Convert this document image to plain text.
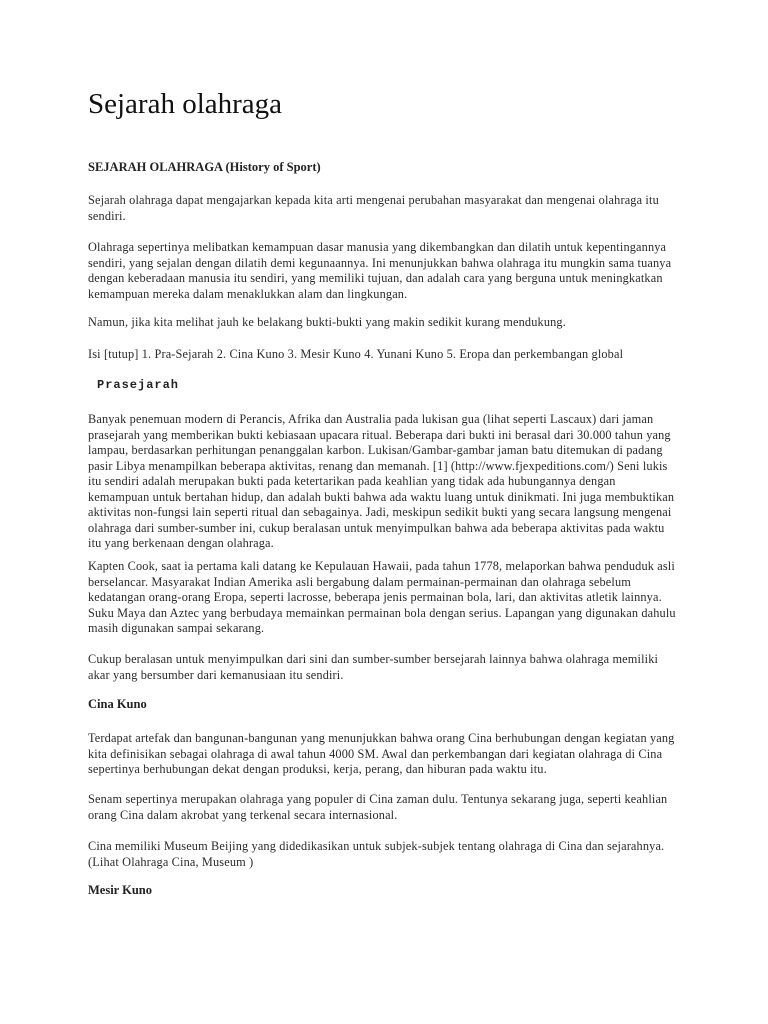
Sejarah olahraga
SEJARAH OLAHRAGA (History of Sport)
Sejarah olahraga dapat mengajarkan kepada kita arti mengenai perubahan masyarakat dan mengenai olahraga itu
sendiri.
Olahraga sepertinya melibatkan kemampuan dasar manusia yang dikembangkan dan dilatih untuk kepentingannya
sendiri, yang sejalan dengan dilatih demi kegunaannya. Ini menunjukkan bahwa olahraga itu mungkin sama tuanya
dengan keberadaan manusia itu sendiri, yang memiliki tujuan, dan adalah cara yang berguna untuk meningkatkan
kemampuan mereka dalam menaklukkan alam dan lingkungan.
Namun, jika kita melihat jauh ke belakang bukti-bukti yang makin sedikit kurang mendukung.
Isi [tutup] 1. Pra-Sejarah 2. Cina Kuno 3. Mesir Kuno 4. Yunani Kuno 5. Eropa dan perkembangan global
Prasejarah
Banyak penemuan modern di Perancis, Afrika dan Australia pada lukisan gua (lihat seperti Lascaux) dari jaman
prasejarah yang memberikan bukti kebiasaan upacara ritual. Beberapa dari bukti ini berasal dari 30.000 tahun yang
lampau, berdasarkan perhitungan penanggalan karbon. Lukisan/Gambar-gambar jaman batu ditemukan di padang
pasir Libya menampilkan beberapa aktivitas, renang dan memanah. [1] (http://www.fjexpeditions.com/) Seni lukis
itu sendiri adalah merupakan bukti pada ketertarikan pada keahlian yang tidak ada hubungannya dengan
kemampuan untuk bertahan hidup, dan adalah bukti bahwa ada waktu luang untuk dinikmati. Ini juga membuktikan
aktivitas non-fungsi lain seperti ritual dan sebagainya. Jadi, meskipun sedikit bukti yang secara langsung mengenai
olahraga dari sumber-sumber ini, cukup beralasan untuk menyimpulkan bahwa ada beberapa aktivitas pada waktu
itu yang berkenaan dengan olahraga.
Kapten Cook, saat ia pertama kali datang ke Kepulauan Hawaii, pada tahun 1778, melaporkan bahwa penduduk asli
berselancar. Masyarakat Indian Amerika asli bergabung dalam permainan-permainan dan olahraga sebelum
kedatangan orang-orang Eropa, seperti lacrosse, beberapa jenis permainan bola, lari, dan aktivitas atletik lainnya.
Suku Maya dan Aztec yang berbudaya memainkan permainan bola dengan serius. Lapangan yang digunakan dahulu
masih digunakan sampai sekarang.
Cukup beralasan untuk menyimpulkan dari sini dan sumber-sumber bersejarah lainnya bahwa olahraga memiliki
akar yang bersumber dari kemanusiaan itu sendiri.
Cina Kuno
Terdapat artefak dan bangunan-bangunan yang menunjukkan bahwa orang Cina berhubungan dengan kegiatan yang
kita definisikan sebagai olahraga di awal tahun 4000 SM. Awal dan perkembangan dari kegiatan olahraga di Cina
sepertinya berhubungan dekat dengan produksi, kerja, perang, dan hiburan pada waktu itu.
Senam sepertinya merupakan olahraga yang populer di Cina zaman dulu. Tentunya sekarang juga, seperti keahlian
orang Cina dalam akrobat yang terkenal secara internasional.
Cina memiliki Museum Beijing yang didedikasikan untuk subjek-subjek tentang olahraga di Cina dan sejarahnya.
(Lihat Olahraga Cina, Museum )
Mesir Kuno
